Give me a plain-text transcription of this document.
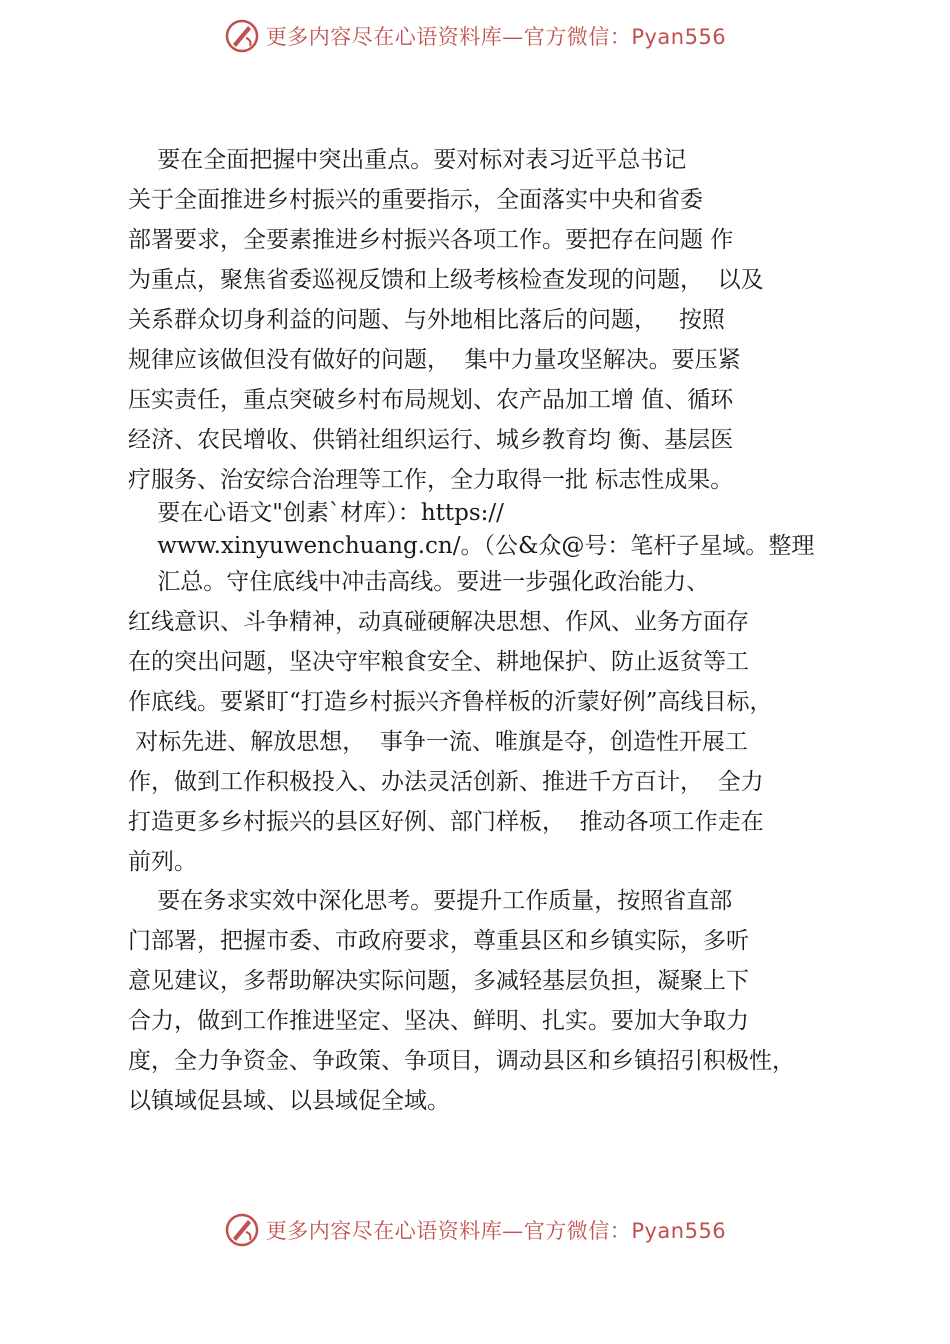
更多内容尽在心语资料库—官方微信：Pyan556
要在全面把握中突出重点。要对标对表习近平总书记
关于全面推进乡村振兴的重要指示，全面落实中央和省委
部署要求，全要素推进乡村振兴各项工作。要把存在问题 作
为重点，聚焦省委巡视反馈和上级考核检查发现的问题，  以及
关系群众切身利益的问题、与外地相比落后的问题，   按照
规律应该做但没有做好的问题，  集中力量攻坚解决。要压紧
压实责任，重点突破乡村布局规划、农产品加工增 值、循环
经济、农民增收、供销社组织运行、城乡教育均 衡、基层医
疗服务、治安综合治理等工作，全力取得一批 标志性成果。
要在心语文"创素`材库）：https://
www.xinyuwenchuang.cn/。（公&众@号：笔杆子星域。整理
汇总。守住底线中冲击高线。要进一步强化政治能力、
红线意识、斗争精神，动真碰硬解决思想、作风、业务方面存
在的突出问题，坚决守牢粮食安全、耕地保护、防止返贫等工
作底线。要紧盯“打造乡村振兴齐鲁样板的沂蒙好例”高线目标，
对标先进、解放思想，  事争一流、唯旗是夺，创造性开展工
作，做到工作积极投入、办法灵活创新、推进千方百计，  全力
打造更多乡村振兴的县区好例、部门样板，  推动各项工作走在
前列。
要在务求实效中深化思考。要提升工作质量，按照省直部
门部署，把握市委、市政府要求，尊重县区和乡镇实际，多听
意见建议，多帮助解决实际问题，多减轻基层负担，凝聚上下
合力，做到工作推进坚定、坚决、鲜明、扎实。要加大争取力
度，全力争资金、争政策、争项目，调动县区和乡镇招引积极性，
以镇域促县域、以县域促全域。
更多内容尽在心语资料库—官方微信：Pyan556
